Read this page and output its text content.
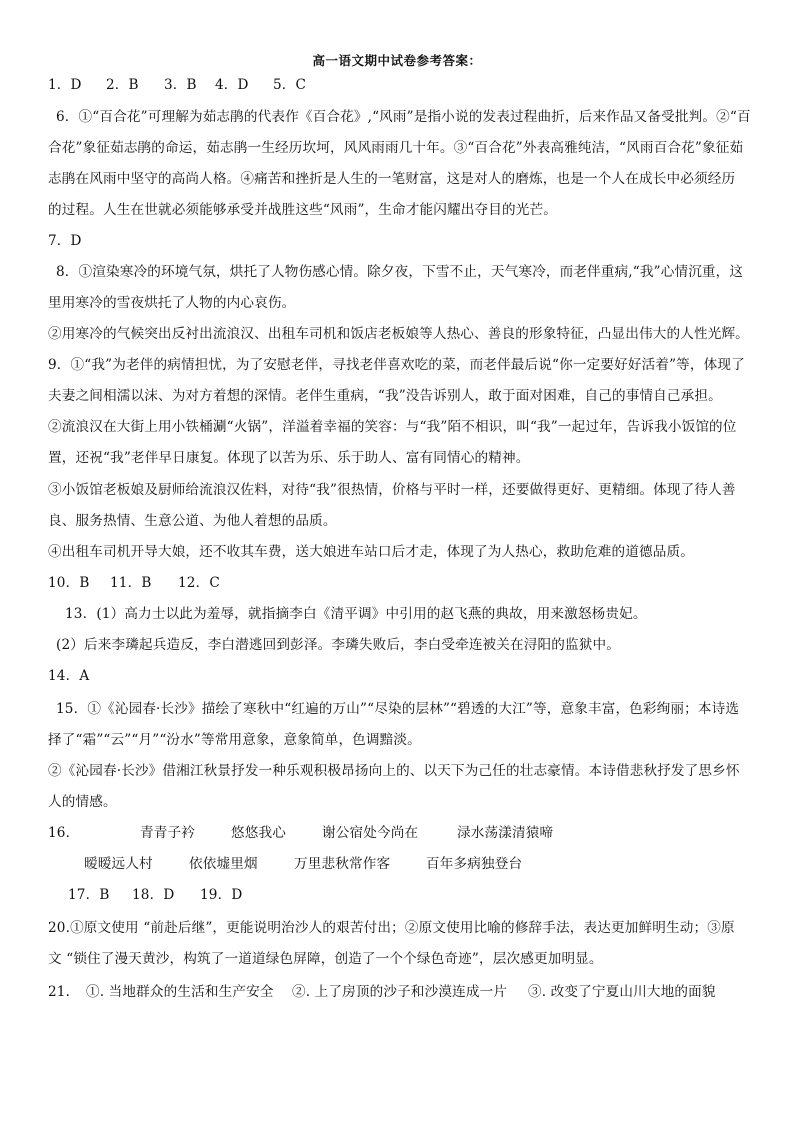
高一语文期中试卷参考答案：
1．D 2．B 3．B 4．D 5．C
6．①“百合花”可理解为茹志鹃的代表作《百合花》,“风雨”是指小说的发表过程曲折，后来作品又备受批判。②“百
合花”象征茹志鹃的命运，茹志鹃一生经历坎坷，风风雨雨几十年。③“百合花”外表高雅纯洁，“风雨百合花”象征茹
志鹃在风雨中坚守的高尚人格。④痛苦和挫折是人生的一笔财富，这是对人的磨炼，也是一个人在成长中必须经历
的过程。人生在世就必须能够承受并战胜这些“风雨”，生命才能闪耀出夺目的光芒。
7．D
8．①渲染寒冷的环境气氛，烘托了人物伤感心情。除夕夜，下雪不止，天气寒冷，而老伴重病,“我”心情沉重，这
里用寒冷的雪夜烘托了人物的内心哀伤。
②用寒冷的气候突出反衬出流浪汉、出租车司机和饭店老板娘等人热心、善良的形象特征，凸显出伟大的人性光辉。
9．①“我”为老伴的病情担忧，为了安慰老伴，寻找老伴喜欢吃的菜，而老伴最后说“你一定要好好活着”等，体现了
夫妻之间相濡以沫、为对方着想的深情。老伴生重病，“我”没告诉别人，敢于面对困难，自己的事情自己承担。
②流浪汉在大街上用小铁桶涮“火锅”，洋溢着幸福的笑容：与“我”陌不相识，叫“我”一起过年，告诉我小饭馆的位
置，还祝“我”老伴早日康复。体现了以苦为乐、乐于助人、富有同情心的精神。
③小饭馆老板娘及厨师给流浪汉佐料，对待“我”很热情，价格与平时一样，还要做得更好、更精细。体现了待人善
良、服务热情、生意公道、为他人着想的品质。
④出租车司机开导大娘，还不收其车费，送大娘进车站口后才走，体现了为人热心，救助危难的道德品质。
10．B 11．B 12．C
13．(1）高力士以此为羞辱，就指摘李白《清平调》中引用的赵飞燕的典故，用来激怒杨贵妃。
(2）后来李璘起兵造反，李白潜逃回到彭泽。李璘失败后，李白受牵连被关在浔阳的监狱中。
14．A
15．①《沁园春·长沙》描绘了寒秋中“红遍的万山”“尽染的层林”“碧透的大江”等，意象丰富，色彩绚丽；本诗选
择了“霜”“云”“月”“汾水”等常用意象，意象简单，色调黯淡。
②《沁园春·长沙》借湘江秋景抒发一种乐观积极昂扬向上的、以天下为己任的壮志豪情。本诗借悲秋抒发了思乡怀
人的情感。
16．	青青子衿	悠悠我心	谢公宿处今尚在	渌水荡漾清猿啼
暧暧远人村	依依墟里烟	万里悲秋常作客	百年多病独登台
17．B 18．D 19．D
20.①原文使用 “前赴后继”，更能说明治沙人的艰苦付出；②原文使用比喻的修辞手法，表达更加鲜明生动；③原
文 “锁住了漫天黄沙，构筑了一道道绿色屏障，创造了一个个绿色奇迹”，层次感更加明显。
21. ①. 当地群众的生活和生产安全 ②. 上了房顶的沙子和沙漠连成一片 ③. 改变了宁夏山川大地的面貌
